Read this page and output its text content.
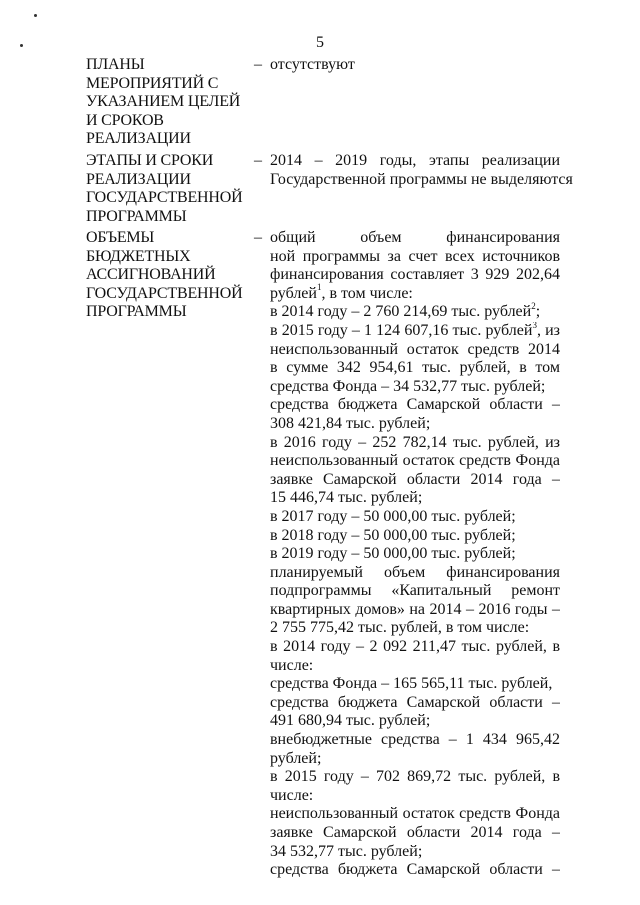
5
ПЛАНЫ
МЕРОПРИЯТИЙ С
УКАЗАНИЕМ ЦЕЛЕЙ
И СРОКОВ
РЕАЛИЗАЦИИ
– отсутствуют
ЭТАПЫ И СРОКИ
РЕАЛИЗАЦИИ
ГОСУДАРСТВЕННОЙ
ПРОГРАММЫ
– 2014 – 2019 годы, этапы реализации
Государственной программы не выделяются
ОБЪЕМЫ
БЮДЖЕТНЫХ
АССИГНОВАНИЙ
ГОСУДАРСТВЕННОЙ
ПРОГРАММЫ
– общий объем финансирования
ной программы за счет всех источников
финансирования составляет 3 929 202,64
рублей$^1$, в том числе:
в 2014 году – 2 760 214,69 тыс. рублей$^2$;
в 2015 году – 1 124 607,16 тыс. рублей$^3$, из
неиспользованный остаток средств 2014
в сумме 342 954,61 тыс. рублей, в том
средства Фонда – 34 532,77 тыс. рублей;
средства бюджета Самарской области –
308 421,84 тыс. рублей;
в 2016 году – 252 782,14 тыс. рублей, из
неиспользованный остаток средств Фонда
заявке Самарской области 2014 года –
15 446,74 тыс. рублей;
в 2017 году – 50 000,00 тыс. рублей;
в 2018 году – 50 000,00 тыс. рублей;
в 2019 году – 50 000,00 тыс. рублей;
планируемый объем финансирования
подпрограммы «Капитальный ремонт
квартирных домов» на 2014 – 2016 годы –
2 755 775,42 тыс. рублей, в том числе:
в 2014 году – 2 092 211,47 тыс. рублей, в
числе:
средства Фонда – 165 565,11 тыс. рублей,
средства бюджета Самарской области –
491 680,94 тыс. рублей;
внебюджетные средства – 1 434 965,42
рублей;
в 2015 году – 702 869,72 тыс. рублей, в
числе:
неиспользованный остаток средств Фонда
заявке Самарской области 2014 года –
34 532,77 тыс. рублей;
средства бюджета Самарской области –
